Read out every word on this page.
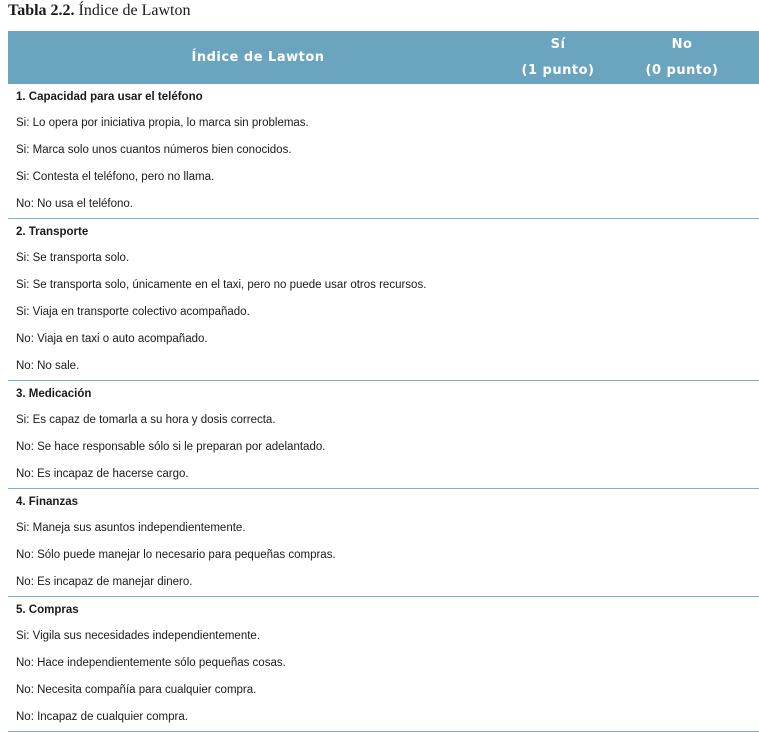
Tabla 2.2. Índice de Lawton
Índice de Lawton
Sí
(1 punto)
No
(0 punto)
1. Capacidad para usar el teléfono
Si: Lo opera por iniciativa propia, lo marca sin problemas.
Si: Marca solo unos cuantos números bien conocidos.
Si: Contesta el teléfono, pero no llama.
No: No usa el teléfono.
2. Transporte
Si: Se transporta solo.
Si: Se transporta solo, únicamente en el taxi, pero no puede usar otros recursos.
Si: Viaja en transporte colectivo acompañado.
No: Viaja en taxi o auto acompañado.
No: No sale.
3. Medicación
Si: Es capaz de tomarla a su hora y dosis correcta.
No: Se hace responsable sólo si le preparan por adelantado.
No: Es incapaz de hacerse cargo.
4. Finanzas
Si: Maneja sus asuntos independientemente.
No: Sólo puede manejar lo necesario para pequeñas compras.
No: Es incapaz de manejar dinero.
5. Compras
Si: Vigila sus necesidades independientemente.
No: Hace independientemente sólo pequeñas cosas.
No: Necesita compañía para cualquier compra.
No: Incapaz de cualquier compra.
